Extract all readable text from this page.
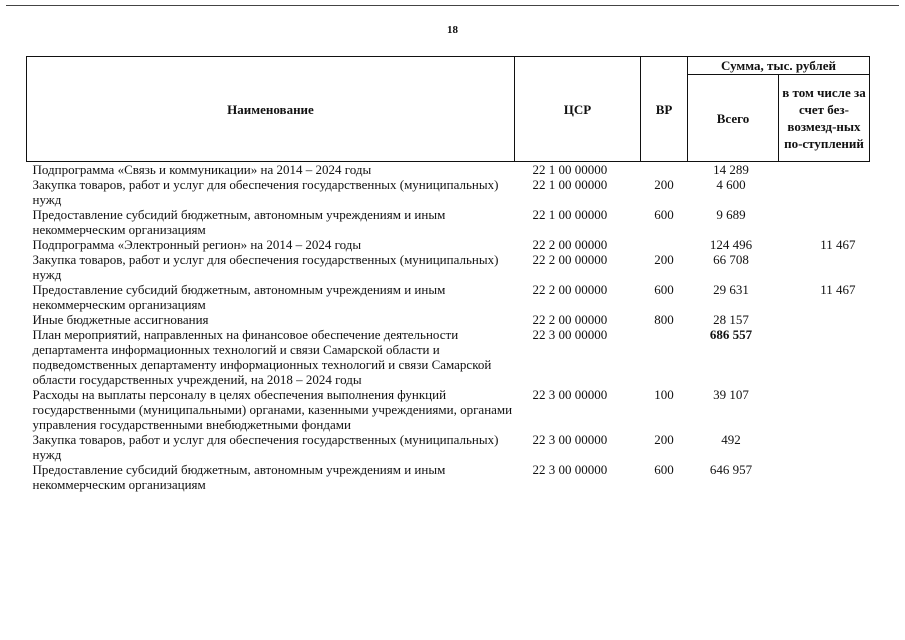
18
Наименование	ЦСР	ВР	Сумма, тыс. рублей	
			Всего	в том числе за счет без-возмезд-ных по-ступлений
Подпрограмма «Связь и коммуникации» на 2014 – 2024 годы	22 1 00 00000		14 289	
Закупка товаров, работ и услуг для обеспечения государственных (муниципальных) нужд	22 1 00 00000	200	4 600	
Предоставление субсидий бюджетным, автономным учреждениям и иным некоммерческим организациям	22 1 00 00000	600	9 689	
Подпрограмма «Электронный регион» на 2014 – 2024 годы	22 2 00 00000		124 496	11 467
Закупка товаров, работ и услуг для обеспечения государственных (муниципальных) нужд	22 2 00 00000	200	66 708	
Предоставление субсидий бюджетным, автономным учреждениям и иным некоммерческим организациям	22 2 00 00000	600	29 631	11 467
Иные бюджетные ассигнования	22 2 00 00000	800	28 157	
План мероприятий, направленных на финансовое обеспечение деятельности департамента информационных технологий и связи Самарской области и подведомственных департаменту информационных технологий и связи Самарской области государственных учреждений, на 2018 – 2024 годы	22 3 00 00000		686 557	
Расходы на выплаты персоналу в целях обеспечения выполнения функций государственными (муниципальными) органами, казенными учреждениями, органами управления государственными внебюджетными фондами	22 3 00 00000	100	39 107	
Закупка товаров, работ и услуг для обеспечения государственных (муниципальных) нужд	22 3 00 00000	200	492	
Предоставление субсидий бюджетным, автономным учреждениям и иным некоммерческим организациям	22 3 00 00000	600	646 957	
